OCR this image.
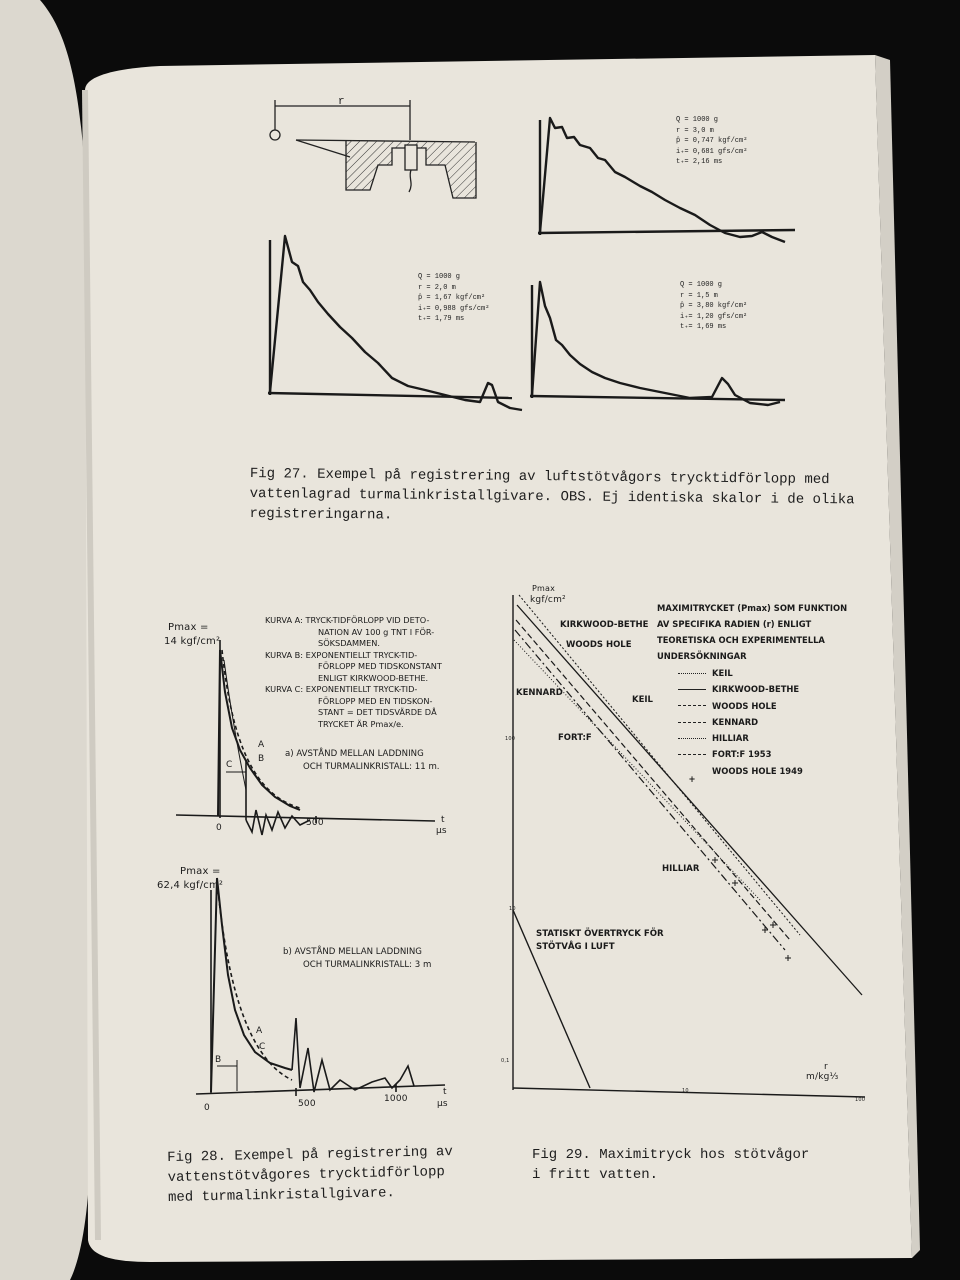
r
Q = 1000 g
r = 3,0 m
p̂ = 0,747 kgf/cm²
i₊= 0,681 gfs/cm²
t₊= 2,16 ms
Q = 1000 g
r = 2,0 m
p̂ = 1,67 kgf/cm²
i₊= 0,988 gfs/cm²
t₊= 1,79 ms
Q = 1000 g
r = 1,5 m
p̂ = 3,80 kgf/cm²
i₊= 1,20 gfs/cm²
t₊= 1,69 ms
Fig 27. Exempel på registrering av luftstötvågors trycktidförlopp med
vattenlagrad turmalinkristallgivare. OBS. Ej identiska skalor i de olika
registreringarna.
Pmax =
14 kgf/cm²
KURVA A: TRYCK-TIDFÖRLOPP VID DETO-
NATION AV 100 g TNT I FÖR-
SÖKSDAMMEN.
KURVA B: EXPONENTIELLT TRYCK-TID-
FÖRLOPP MED TIDSKONSTANT
ENLIGT KIRKWOOD-BETHE.
KURVA C: EXPONENTIELLT TRYCK-TID-
FÖRLOPP MED EN TIDSKON-
STANT = DET TIDSVÄRDE DÅ
TRYCKET ÄR Pmax/e.
a) AVSTÅND MELLAN LADDNING
OCH TURMALINKRISTALL: 11 m.
A
B
C
0	500	t
µs
Pmax =
62,4 kgf/cm²
b) AVSTÅND MELLAN LADDNING
OCH TURMALINKRISTALL: 3 m
A
B
C
0	500	1000
t
µs
Fig 28. Exempel på registrering av
vattenstötvågores trycktidförlopp
med turmalinkristallgivare.
Pmax
kgf/cm²
100
10
0,1
10
100
r
m/kg⅓
MAXIMITRYCKET (Pmax) SOM FUNKTION
AV SPECIFIKA RADIEN (r) ENLIGT
TEORETISKA OCH EXPERIMENTELLA
UNDERSÖKNINGAR
KEIL
KIRKWOOD-BETHE
WOODS HOLE
KENNARD
HILLIAR
FORT:F 1953
+
WOODS HOLE 1949
KIRKWOOD-BETHE
WOODS HOLE
KENNARD
KEIL
FORT:F
HILLIAR
STATISKT ÖVERTRYCK FÖR
STÖTVÅG I LUFT
Fig 29. Maximitryck hos stötvågor
i fritt vatten.
